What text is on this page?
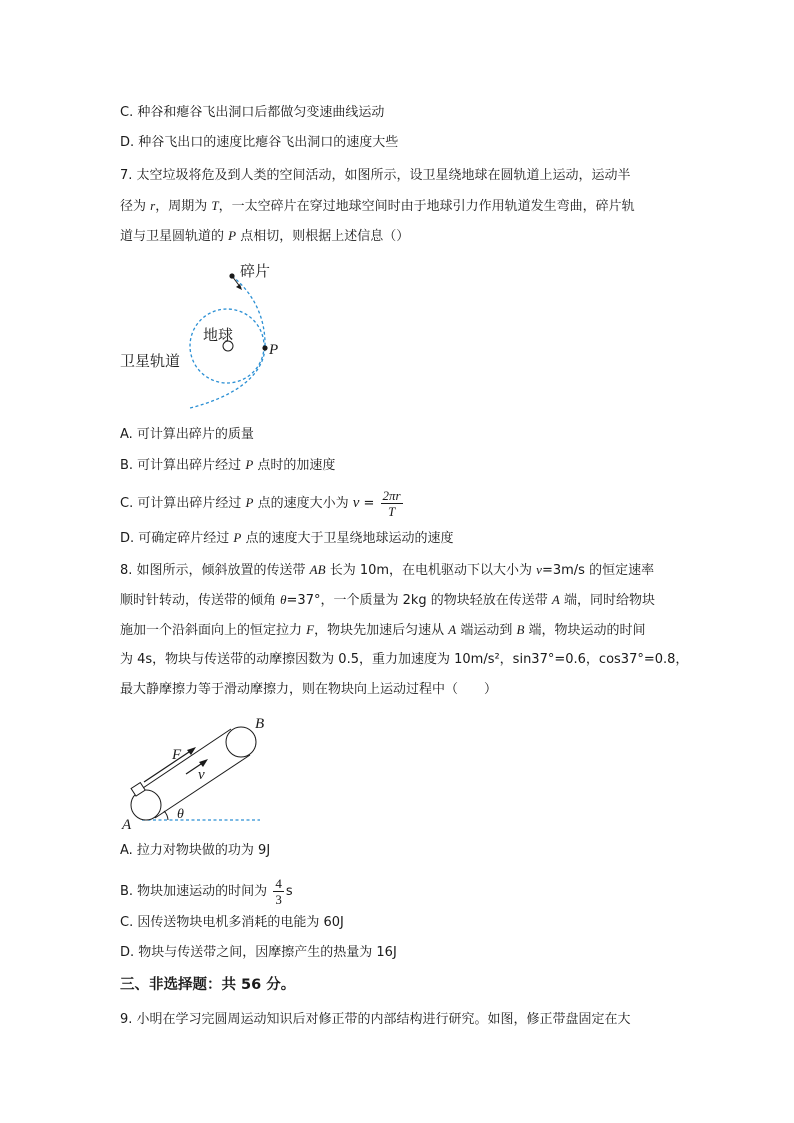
C. 种谷和瘪谷飞出洞口后都做匀变速曲线运动
D. 种谷飞出口的速度比瘪谷飞出洞口的速度大些
7. 太空垃圾将危及到人类的空间活动，如图所示，设卫星绕地球在圆轨道上运动，运动半
径为 r，周期为 T，一太空碎片在穿过地球空间时由于地球引力作用轨道发生弯曲，碎片轨
道与卫星圆轨道的 P 点相切，则根据上述信息（）
碎片
地球
P
卫星轨道
A. 可计算出碎片的质量
B. 可计算出碎片经过 P 点时的加速度
C. 可计算出碎片经过 P 点的速度大小为 $v = \frac{2\pi r}{T}$
D. 可确定碎片经过 P 点的速度大于卫星绕地球运动的速度
8. 如图所示，倾斜放置的传送带 AB 长为 10m，在电机驱动下以大小为 v=3m/s 的恒定速率
顺时针转动，传送带的倾角 θ=37°，一个质量为 2kg 的物块轻放在传送带 A 端，同时给物块
施加一个沿斜面向上的恒定拉力 F，物块先加速后匀速从 A 端运动到 B 端，物块运动的时间
为 4s，物块与传送带的动摩擦因数为 0.5，重力加速度为 10m/s²，sin37°=0.6，cos37°=0.8，
最大静摩擦力等于滑动摩擦力，则在物块向上运动过程中（　　）
θ
F
v
A
B
A. 拉力对物块做的功为 9J
B. 物块加速运动的时间为 $\frac{4}{3}$ s
C. 因传送物块电机多消耗的电能为 60J
D. 物块与传送带之间，因摩擦产生的热量为 16J
三、非选择题：共 56 分。
9. 小明在学习完圆周运动知识后对修正带的内部结构进行研究。如图，修正带盘固定在大
